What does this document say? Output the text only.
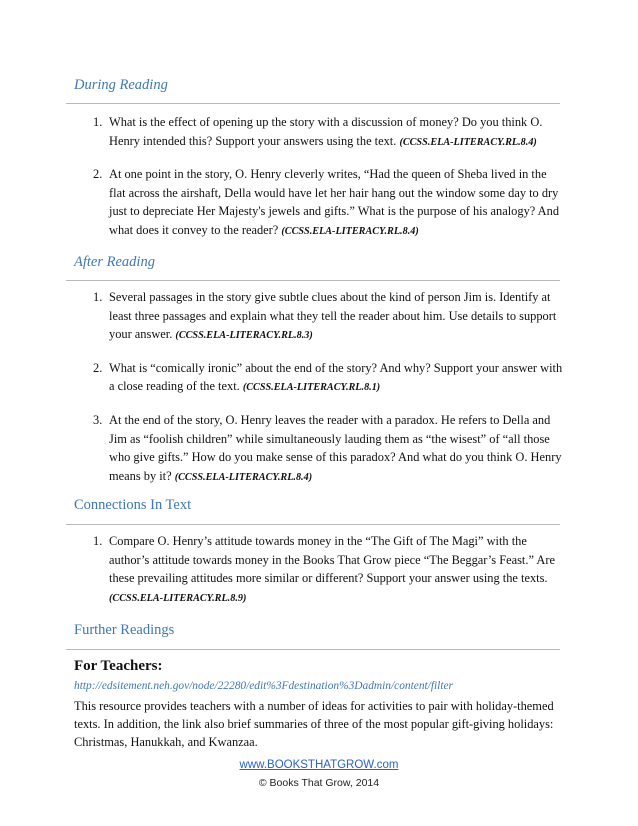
During Reading
1. What is the effect of opening up the story with a discussion of money? Do you think O. Henry intended this? Support your answers using the text. (CCSS.ELA-LITERACY.RL.8.4)
2. At one point in the story, O. Henry cleverly writes, “Had the queen of Sheba lived in the flat across the airshaft, Della would have let her hair hang out the window some day to dry just to depreciate Her Majesty's jewels and gifts.” What is the purpose of his analogy? And what does it convey to the reader? (CCSS.ELA-LITERACY.RL.8.4)
After Reading
1. Several passages in the story give subtle clues about the kind of person Jim is. Identify at least three passages and explain what they tell the reader about him. Use details to support your answer. (CCSS.ELA-LITERACY.RL.8.3)
2. What is “comically ironic” about the end of the story? And why? Support your answer with a close reading of the text. (CCSS.ELA-LITERACY.RL.8.1)
3. At the end of the story, O. Henry leaves the reader with a paradox. He refers to Della and Jim as “foolish children” while simultaneously lauding them as “the wisest” of “all those who give gifts.” How do you make sense of this paradox? And what do you think O. Henry means by it? (CCSS.ELA-LITERACY.RL.8.4)
Connections In Text
1. Compare O. Henry’s attitude towards money in the “The Gift of The Magi” with the author’s attitude towards money in the Books That Grow piece “The Beggar’s Feast.” Are these prevailing attitudes more similar or different? Support your answer using the texts. (CCSS.ELA-LITERACY.RL.8.9)
Further Readings
For Teachers:
http://edsitement.neh.gov/node/22280/edit%3Fdestination%3Dadmin/content/filter
This resource provides teachers with a number of ideas for activities to pair with holiday-themed texts. In addition, the link also brief summaries of three of the most popular gift-giving holidays: Christmas, Hanukkah, and Kwanzaa.
www.BOOKSTHATGROW.com
© Books That Grow, 2014
